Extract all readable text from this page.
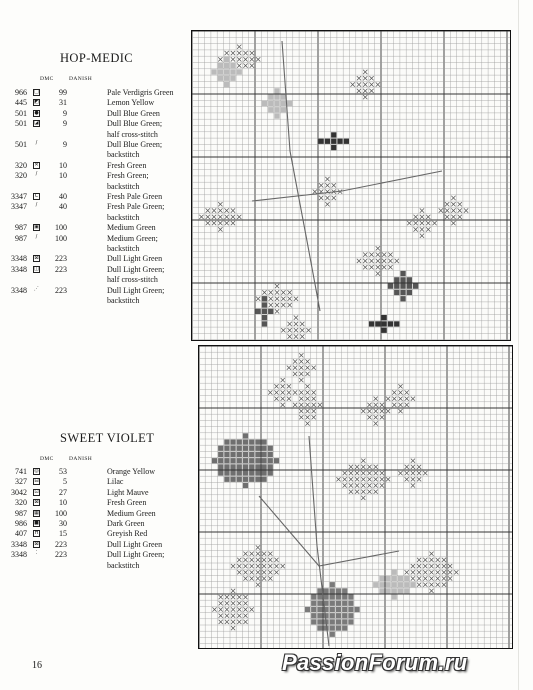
HOP-MEDIC
DMC	DANISH
966 □	99	Pale Verdigris Green
445 ◩	31	Lemon Yellow
501 ●	9	Dull Blue Green
501 ◪	9	Dull Blue Green;
half cross-stitch
501	/	9	Dull Blue Green;
backstitch
320 ✕	10	Fresh Green
320	/	10	Fresh Green;
backstitch
3347	C	40	Fresh Pale Green
3347	/	40	Fresh Pale Green;
backstitch
987 ▣	100	Medium Green
987	/	100	Medium Green;
backstitch
3348 ⊠	223	Dull Light Green
3348 ◫	223	Dull Light Green;
half cross-stitch
3348 ⋰	223	Dull Light Green;
backstitch
SWEET VIOLET
DMC	DANISH
741 ◎	53	Orange Yellow
327 ⊟	5	Lilac
3042 ⊡	27	Light Mauve
320 ⊠	10	Fresh Green
987 ▦	100	Medium Green
986 ■	30	Dark Green
407	H	15	Greyish Red
3348 ⊠	223	Dull Light Green
3348	⁚	223	Dull Light Green;
backstitch
16	PassionForum.ru
